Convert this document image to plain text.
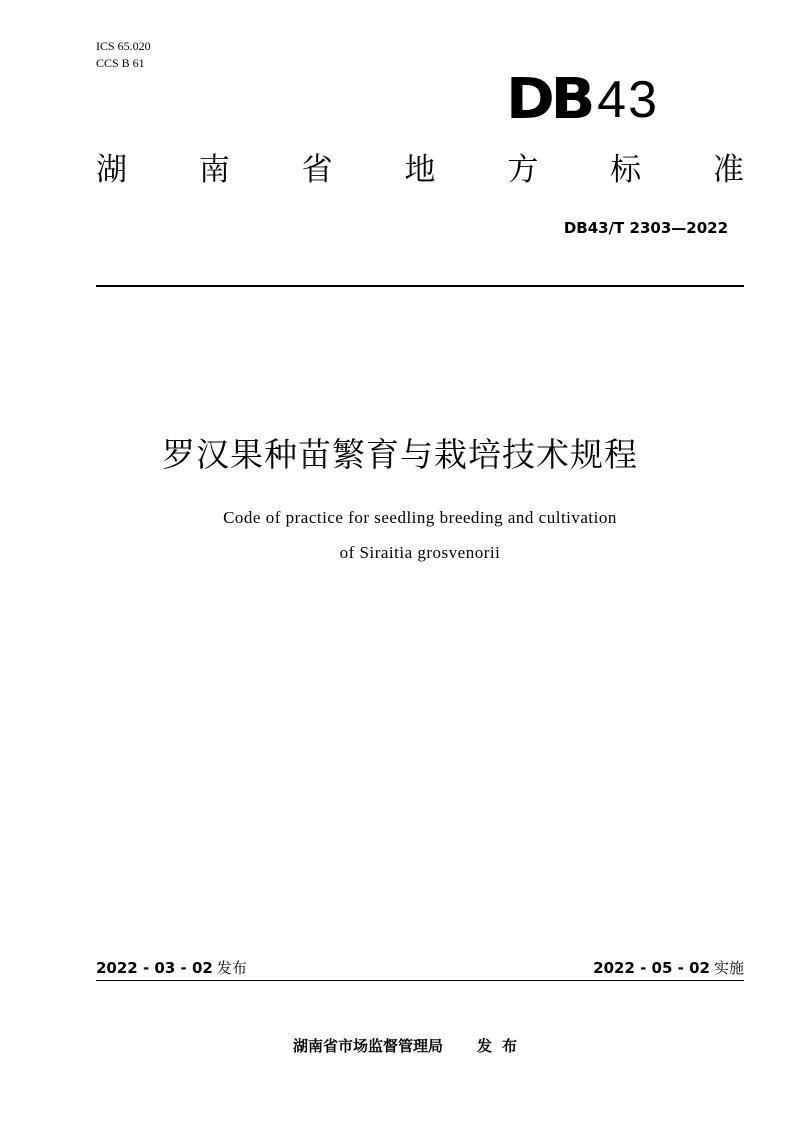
ICS 65.020
CCS B 61
DB 43
湖 南 省 地 方 标 准
DB43/T 2303—2022
罗汉果种苗繁育与栽培技术规程
Code of practice for seedling breeding and cultivation
of Siraitia grosvenorii
2022 - 03 - 02 发布	2022 - 05 - 02 实施
湖南省市场监督管理局 发布
